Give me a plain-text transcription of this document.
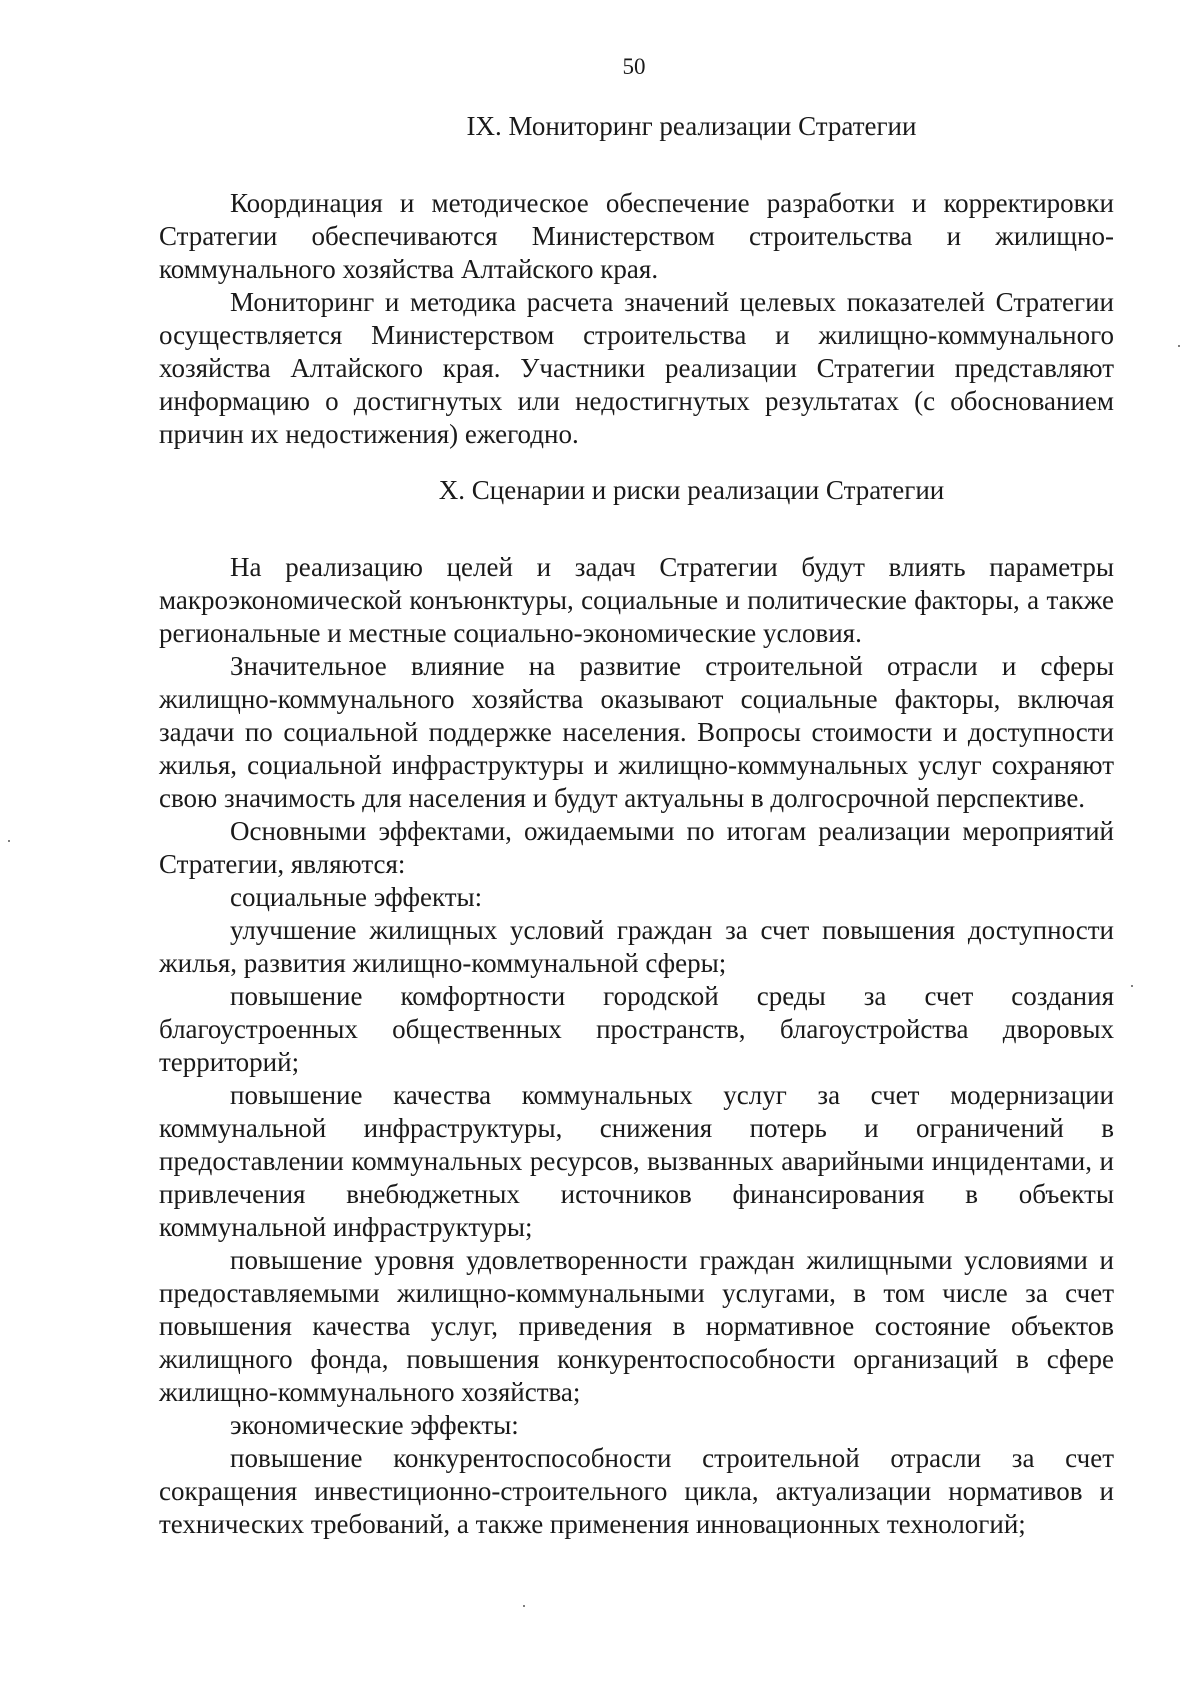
50
IX. Мониторинг реализации Стратегии

Координация и методическое обеспечение разработки и корректировки Стратегии обеспечиваются Министерством строительства и жилищно-коммунального хозяйства Алтайского края.

Мониторинг и методика расчета значений целевых показателей Стратегии осуществляется Министерством строительства и жилищно-коммунального хозяйства Алтайского края. Участники реализации Стратегии представляют информацию о достигнутых или недостигнутых результатах (с обоснованием причин их недостижения) ежегодно.

X. Сценарии и риски реализации Стратегии

На реализацию целей и задач Стратегии будут влиять параметры макроэкономической конъюнктуры, социальные и политические факторы, а также региональные и местные социально-экономические условия.

Значительное влияние на развитие строительной отрасли и сферы жилищно-коммунального хозяйства оказывают социальные факторы, включая задачи по социальной поддержке населения. Вопросы стоимости и доступности жилья, социальной инфраструктуры и жилищно-коммунальных услуг сохраняют свою значимость для населения и будут актуальны в долгосрочной перспективе.

Основными эффектами, ожидаемыми по итогам реализации мероприятий Стратегии, являются:

социальные эффекты:

улучшение жилищных условий граждан за счет повышения доступности жилья, развития жилищно-коммунальной сферы;

повышение комфортности городской среды за счет создания благоустроенных общественных пространств, благоустройства дворовых территорий;

повышение качества коммунальных услуг за счет модернизации коммунальной инфраструктуры, снижения потерь и ограничений в предоставлении коммунальных ресурсов, вызванных аварийными инцидентами, и привлечения внебюджетных источников финансирования в объекты коммунальной инфраструктуры;

повышение уровня удовлетворенности граждан жилищными условиями и предоставляемыми жилищно-коммунальными услугами, в том числе за счет повышения качества услуг, приведения в нормативное состояние объектов жилищного фонда, повышения конкурентоспособности организаций в сфере жилищно-коммунального хозяйства;

экономические эффекты:

повышение конкурентоспособности строительной отрасли за счет сокращения инвестиционно-строительного цикла, актуализации нормативов и технических требований, а также применения инновационных технологий;
